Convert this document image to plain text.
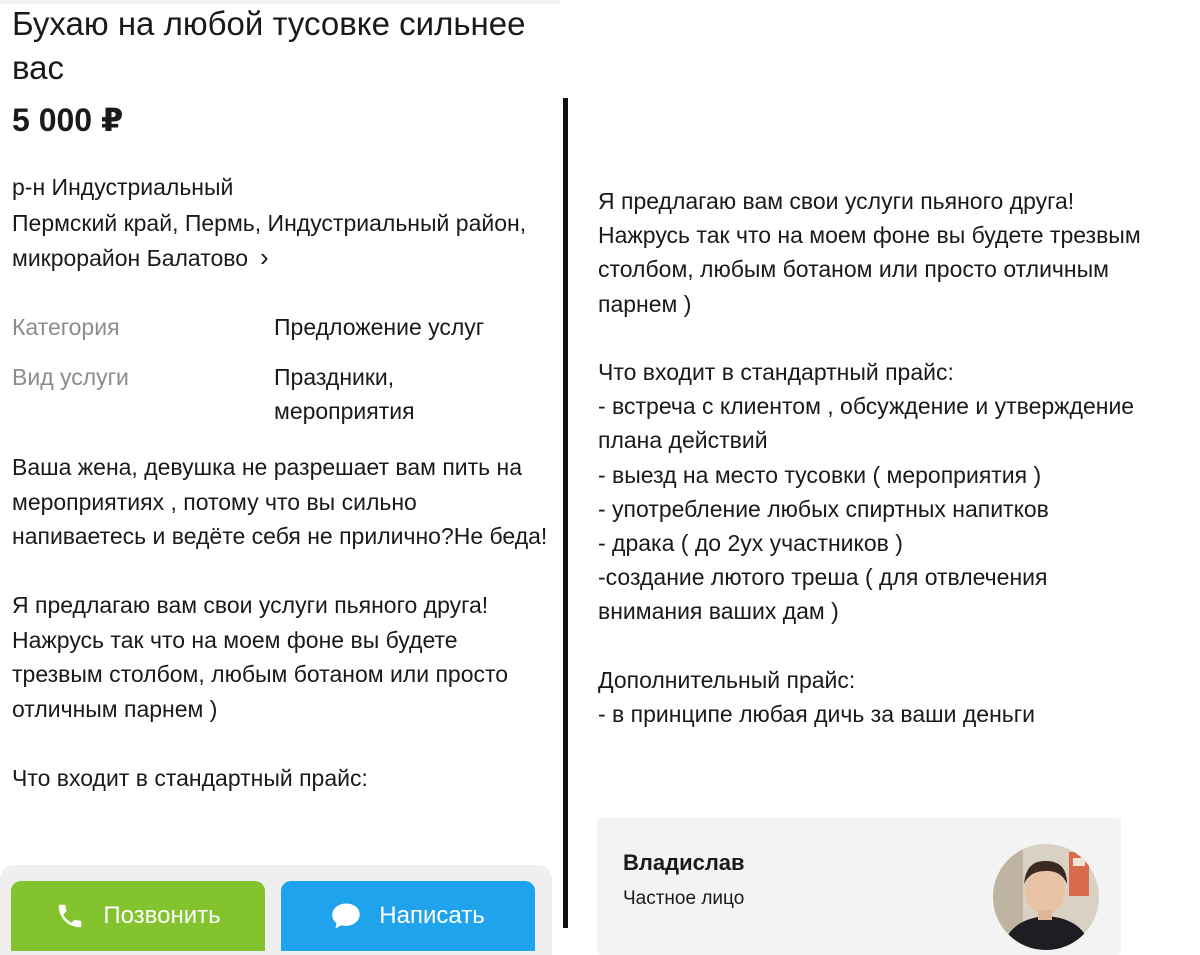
Бухаю на любой тусовке сильнее вас
5 000 ₽
р-н Индустриальный
Пермский край, Пермь, Индустриальный район, микрорайон Балатово ›
Категория	Предложение услуг
Вид услуги	Праздники, мероприятия
Ваша жена, девушка не разрешает вам пить на мероприятиях , потому что вы сильно напиваетесь и ведёте себя не прилично?Не беда!

Я предлагаю вам свои услуги пьяного друга!
Нажрусь так что на моем фоне вы будете трезвым столбом, любым ботаном или просто отличным парнем )

Что входит в стандартный прайс:
Позвонить	Написать
Я предлагаю вам свои услуги пьяного друга!
Нажрусь так что на моем фоне вы будете трезвым столбом, любым ботаном или просто отличным парнем )

Что входит в стандартный прайс:
- встреча с клиентом , обсуждение и утверждение плана действий
- выезд на место тусовки ( мероприятия )
- употребление любых спиртных напитков
- драка ( до 2ух участников )
-создание лютого треша ( для отвлечения внимания ваших дам )

Дополнительный прайс:
- в принципе любая дичь за ваши деньги
Владислав
Частное лицо
